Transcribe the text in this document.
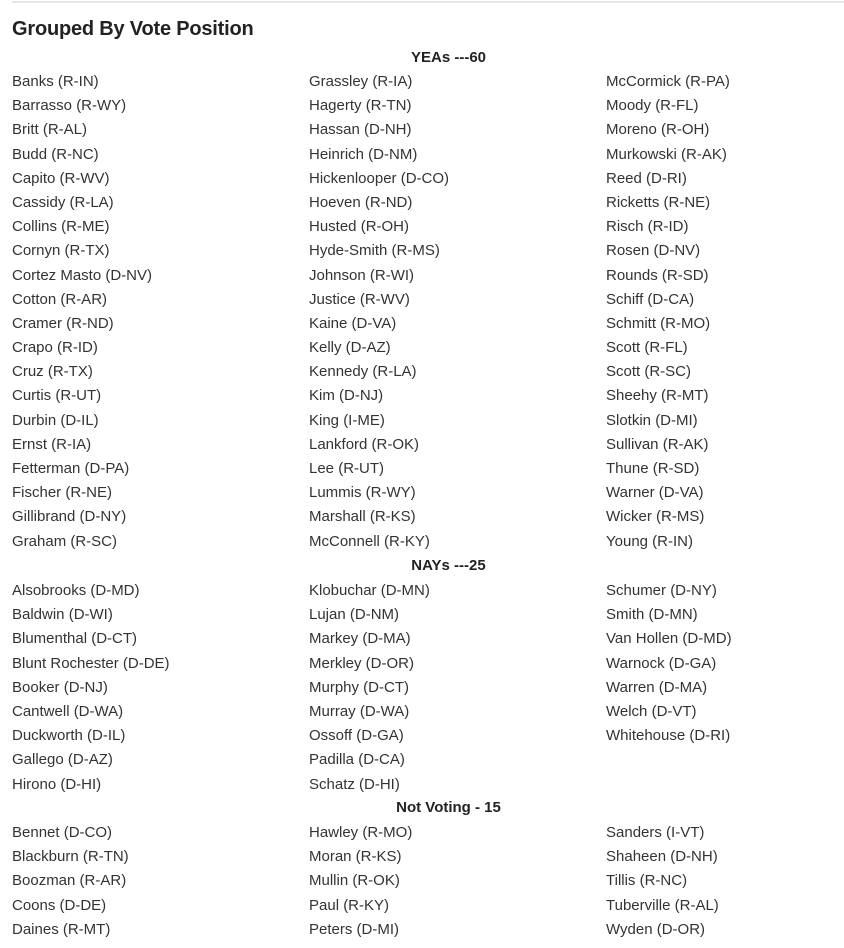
Grouped By Vote Position
YEAs ---60
Banks (R-IN)	Grassley (R-IA)	McCormick (R-PA)
Barrasso (R-WY)	Hagerty (R-TN)	Moody (R-FL)
Britt (R-AL)	Hassan (D-NH)	Moreno (R-OH)
Budd (R-NC)	Heinrich (D-NM)	Murkowski (R-AK)
Capito (R-WV)	Hickenlooper (D-CO)	Reed (D-RI)
Cassidy (R-LA)	Hoeven (R-ND)	Ricketts (R-NE)
Collins (R-ME)	Husted (R-OH)	Risch (R-ID)
Cornyn (R-TX)	Hyde-Smith (R-MS)	Rosen (D-NV)
Cortez Masto (D-NV)	Johnson (R-WI)	Rounds (R-SD)
Cotton (R-AR)	Justice (R-WV)	Schiff (D-CA)
Cramer (R-ND)	Kaine (D-VA)	Schmitt (R-MO)
Crapo (R-ID)	Kelly (D-AZ)	Scott (R-FL)
Cruz (R-TX)	Kennedy (R-LA)	Scott (R-SC)
Curtis (R-UT)	Kim (D-NJ)	Sheehy (R-MT)
Durbin (D-IL)	King (I-ME)	Slotkin (D-MI)
Ernst (R-IA)	Lankford (R-OK)	Sullivan (R-AK)
Fetterman (D-PA)	Lee (R-UT)	Thune (R-SD)
Fischer (R-NE)	Lummis (R-WY)	Warner (D-VA)
Gillibrand (D-NY)	Marshall (R-KS)	Wicker (R-MS)
Graham (R-SC)	McConnell (R-KY)	Young (R-IN)
NAYs ---25
Alsobrooks (D-MD)	Klobuchar (D-MN)	Schumer (D-NY)
Baldwin (D-WI)	Lujan (D-NM)	Smith (D-MN)
Blumenthal (D-CT)	Markey (D-MA)	Van Hollen (D-MD)
Blunt Rochester (D-DE)	Merkley (D-OR)	Warnock (D-GA)
Booker (D-NJ)	Murphy (D-CT)	Warren (D-MA)
Cantwell (D-WA)	Murray (D-WA)	Welch (D-VT)
Duckworth (D-IL)	Ossoff (D-GA)	Whitehouse (D-RI)
Gallego (D-AZ)	Padilla (D-CA)
Hirono (D-HI)	Schatz (D-HI)
Not Voting - 15
Bennet (D-CO)	Hawley (R-MO)	Sanders (I-VT)
Blackburn (R-TN)	Moran (R-KS)	Shaheen (D-NH)
Boozman (R-AR)	Mullin (R-OK)	Tillis (R-NC)
Coons (D-DE)	Paul (R-KY)	Tuberville (R-AL)
Daines (R-MT)	Peters (D-MI)	Wyden (D-OR)
